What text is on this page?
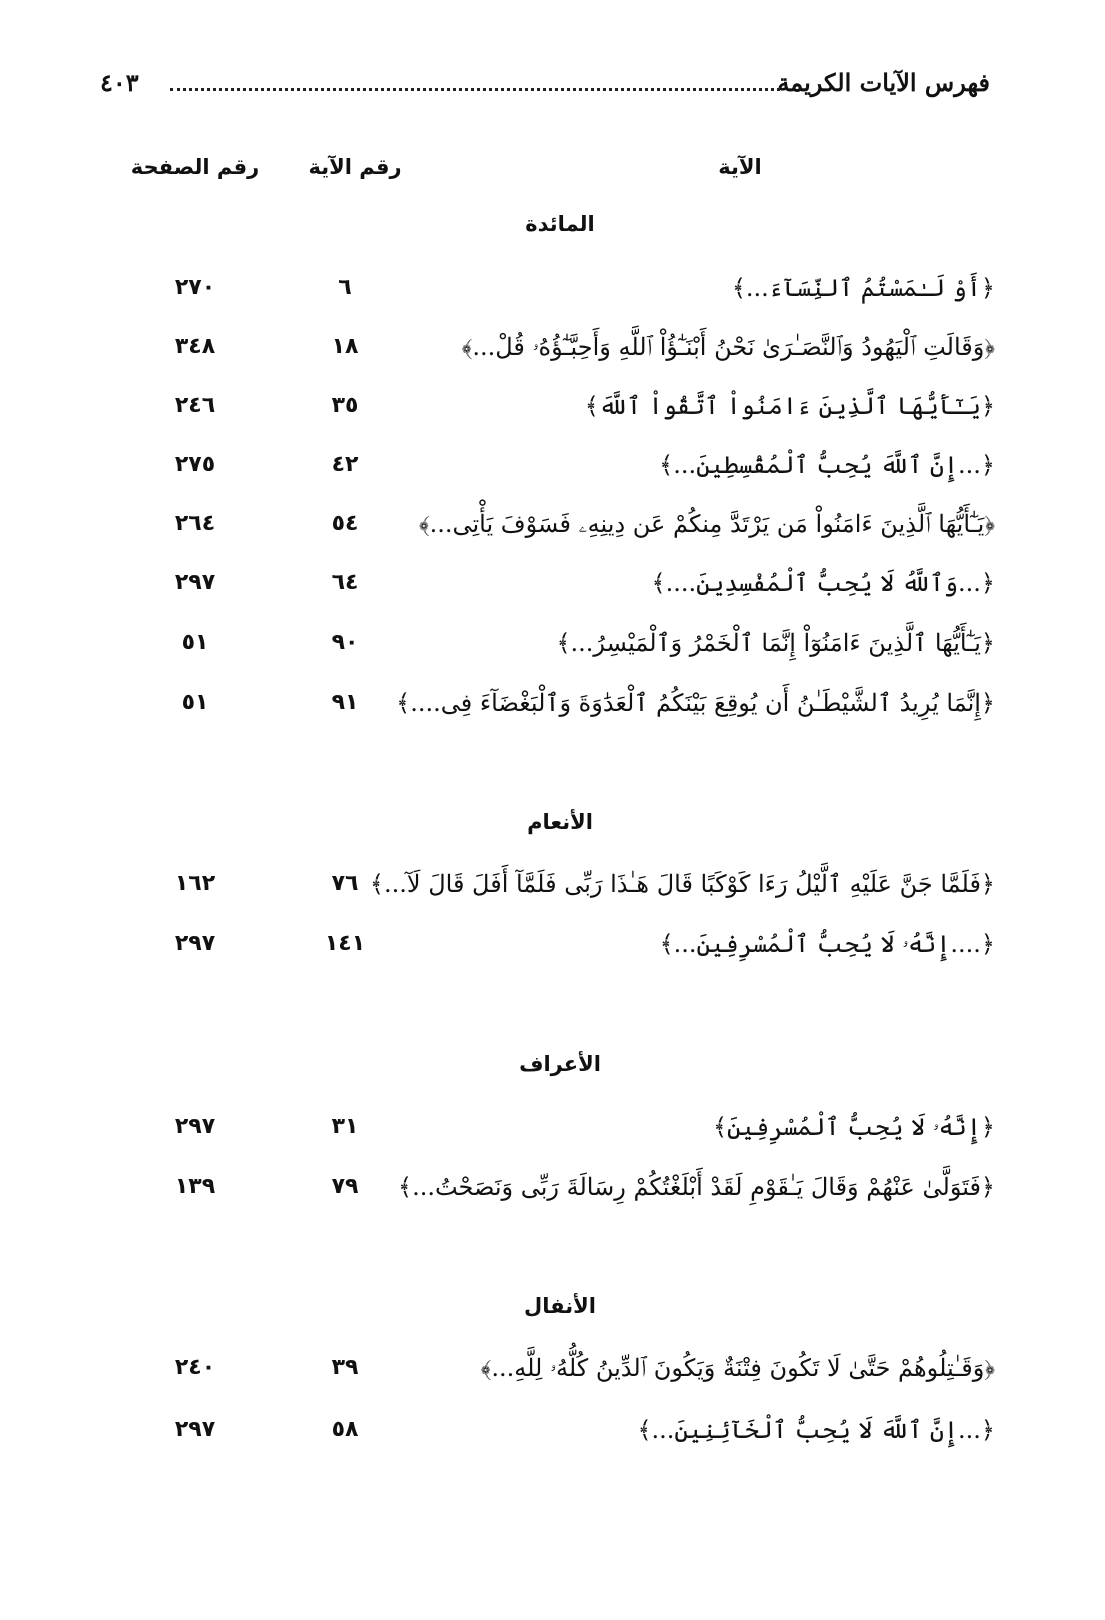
فهرس الآيات الكريمة
٤٠٣
الآية
رقم الآية
رقم الصفحة
المائدة
﴿أَوْ لَـٰمَسْتُمُ ٱلنِّسَآءَ...﴾
٦
٢٧٠
﴿وَقَالَتِ ٱلْيَهُودُ وَٱلنَّصَـٰرَىٰ نَحْنُ أَبْنَـٰٓؤُاْ ٱللَّهِ وَأَحِبَّـٰٓؤُهُۥ قُلْ...﴾
١٨
٣٤٨
﴿يَـٰٓأَيُّهَا ٱلَّذِينَ ءَامَنُواْ ٱتَّقُواْ ٱللَّهَ﴾
٣٥
٢٤٦
﴿...إِنَّ ٱللَّهَ يُحِبُّ ٱلْمُقْسِطِينَ...﴾
٤٢
٢٧٥
﴿يَـٰٓأَيُّهَا ٱلَّذِينَ ءَامَنُواْ مَن يَرْتَدَّ مِنكُمْ عَن دِينِهِۦ فَسَوْفَ يَأْتِى...﴾
٥٤
٢٦٤
﴿...وَٱللَّهُ لَا يُحِبُّ ٱلْمُفْسِدِينَ....﴾
٦٤
٢٩٧
﴿يَـٰٓأَيُّهَا ٱلَّذِينَ ءَامَنُوٓاْ إِنَّمَا ٱلْخَمْرُ وَٱلْمَيْسِرُ...﴾
٩٠
٥١
﴿إِنَّمَا يُرِيدُ ٱلشَّيْطَـٰنُ أَن يُوقِعَ بَيْنَكُمُ ٱلْعَدَٰوَةَ وَٱلْبَغْضَآءَ فِى....﴾
٩١
٥١
الأنعام
﴿فَلَمَّا جَنَّ عَلَيْهِ ٱلَّيْلُ رَءَا كَوْكَبًا قَالَ هَـٰذَا رَبِّى فَلَمَّآ أَفَلَ قَالَ لَآ...﴾
٧٦
١٦٢
﴿....إِنَّهُۥ لَا يُحِبُّ ٱلْمُسْرِفِينَ...﴾
١٤١
٢٩٧
الأعراف
﴿إِنَّهُۥ لَا يُحِبُّ ٱلْمُسْرِفِينَ﴾
٣١
٢٩٧
﴿فَتَوَلَّىٰ عَنْهُمْ وَقَالَ يَـٰقَوْمِ لَقَدْ أَبْلَغْتُكُمْ رِسَالَةَ رَبِّى وَنَصَحْتُ...﴾
٧٩
١٣٩
الأنفال
﴿وَقَـٰتِلُوهُمْ حَتَّىٰ لَا تَكُونَ فِتْنَةٌ وَيَكُونَ ٱلدِّينُ كُلُّهُۥ لِلَّهِ...﴾
٣٩
٢٤٠
﴿...إِنَّ ٱللَّهَ لَا يُحِبُّ ٱلْخَآئِنِينَ...﴾
٥٨
٢٩٧
